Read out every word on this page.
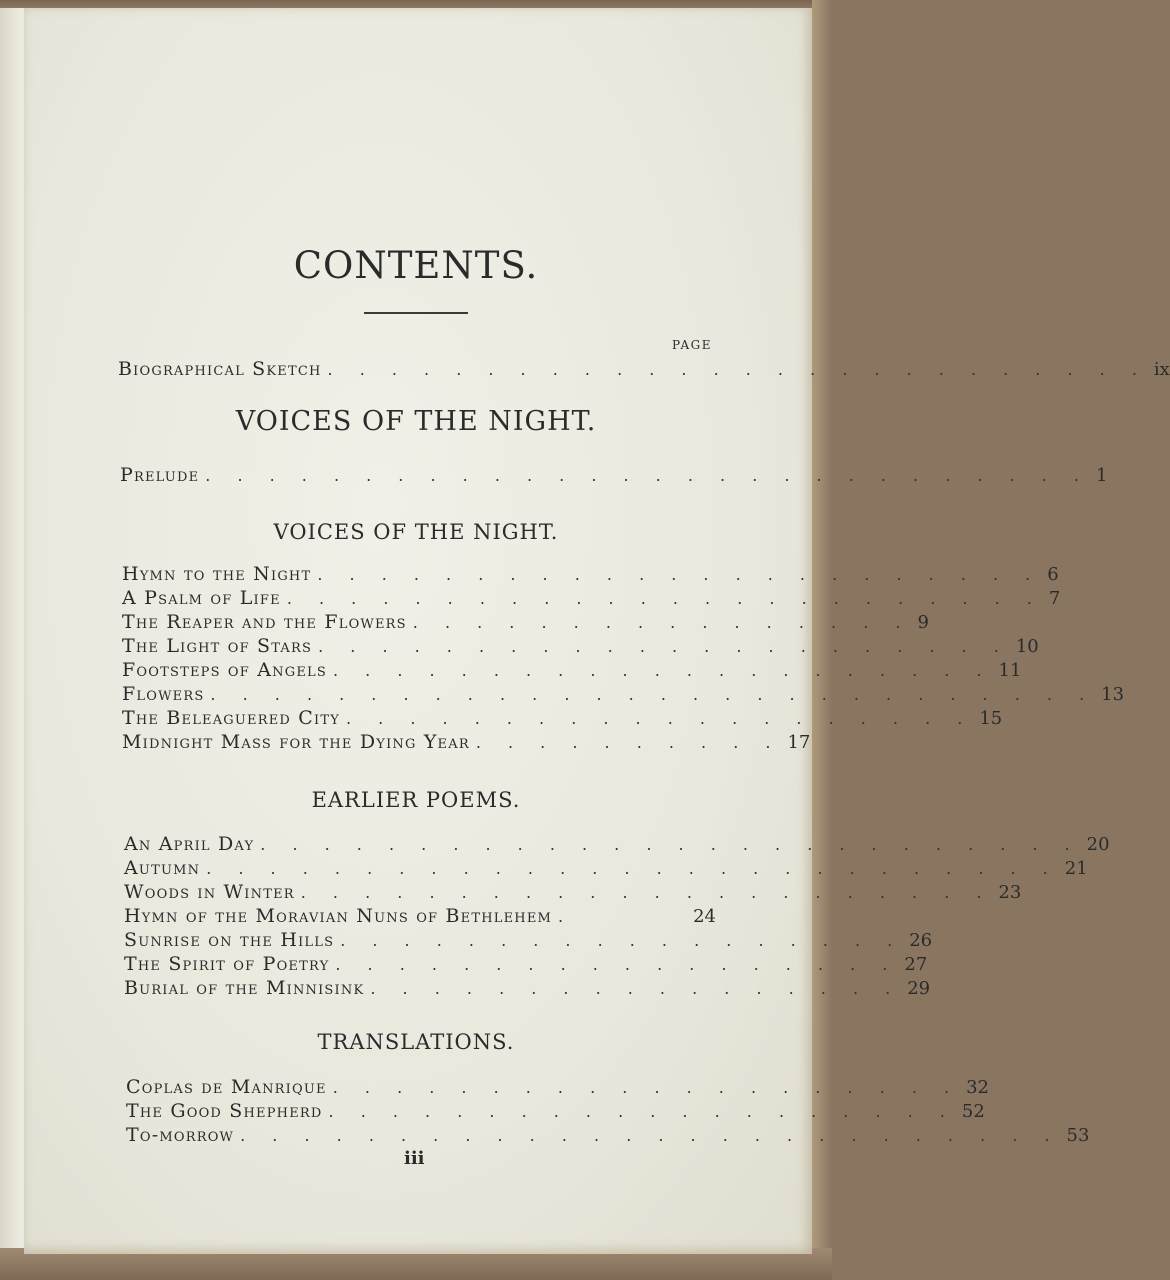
CONTENTS.
PAGE
Biographical Sketch . . . . . . . . . . . . . . . . . . . . . . . . . . ix
VOICES OF THE NIGHT.
Prelude . . . . . . . . . . . . . . . . . . . . . . . . . . . . 1
VOICES OF THE NIGHT.
Hymn to the Night . . . . . . . . . . . . . . . . . . . . . . . 6
A Psalm of Life . . . . . . . . . . . . . . . . . . . . . . . . 7
The Reaper and the Flowers . . . . . . . . . . . . . . . . 9
The Light of Stars . . . . . . . . . . . . . . . . . . . . . . 10
Footsteps of Angels . . . . . . . . . . . . . . . . . . . . . 11
Flowers . . . . . . . . . . . . . . . . . . . . . . . . . . . . 13
The Beleaguered City . . . . . . . . . . . . . . . . . . . . 15
Midnight Mass for the Dying Year . . . . . . . . . . 17
EARLIER POEMS.
An April Day . . . . . . . . . . . . . . . . . . . . . . . . . . 20
Autumn . . . . . . . . . . . . . . . . . . . . . . . . . . . 21
Woods in Winter . . . . . . . . . . . . . . . . . . . . . . 23
Hymn of the Moravian Nuns of Bethlehem .	24
Sunrise on the Hills . . . . . . . . . . . . . . . . . . 26
The Spirit of Poetry . . . . . . . . . . . . . . . . . . 27
Burial of the Minnisink . . . . . . . . . . . . . . . . . 29
TRANSLATIONS.
Coplas de Manrique . . . . . . . . . . . . . . . . . . . . 32
The Good Shepherd . . . . . . . . . . . . . . . . . . . . 52
To-morrow . . . . . . . . . . . . . . . . . . . . . . . . . . 53
iii
